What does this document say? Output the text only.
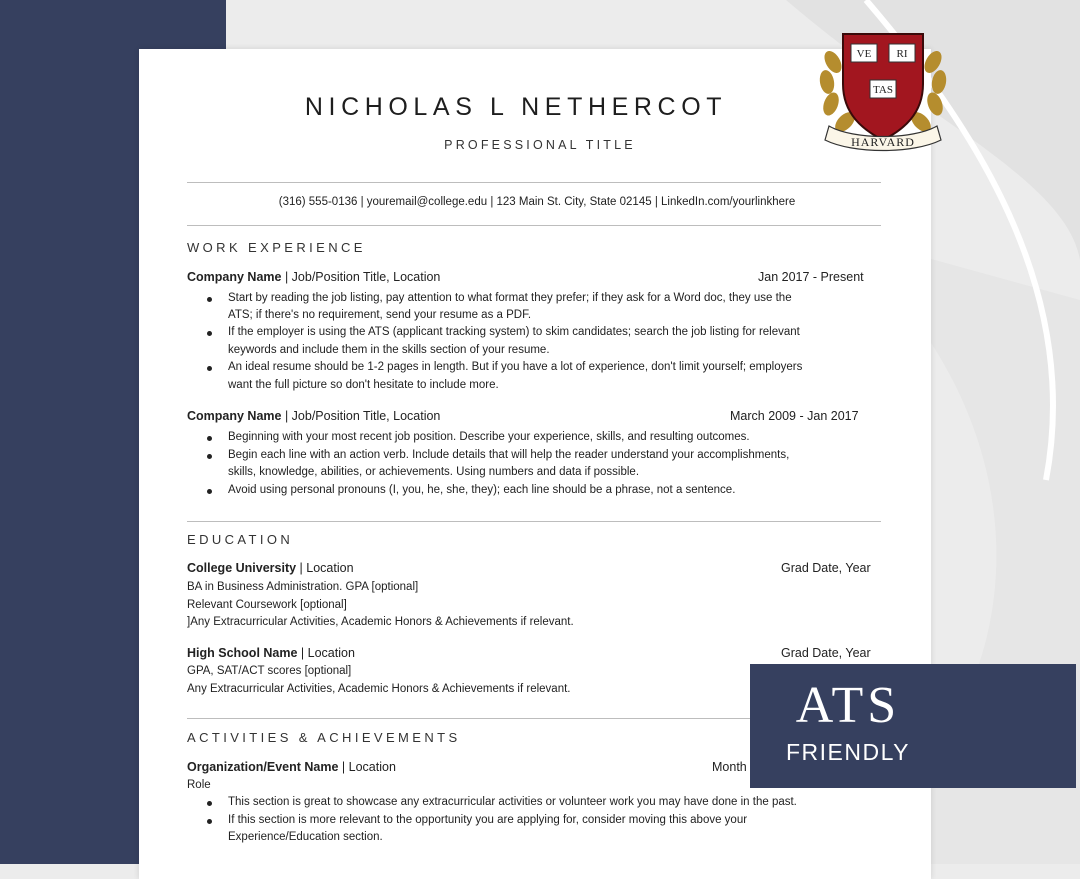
NICHOLAS L NETHERCOT
PROFESSIONAL TITLE
(316) 555-0136 | youremail@college.edu | 123 Main St. City, State 02145 | LinkedIn.com/yourlinkhere
WORK EXPERIENCE
Company Name | Job/Position Title, Location	Jan 2017 - Present
Start by reading the job listing, pay attention to what format they prefer; if they ask for a Word doc, they use the
ATS; if there's no requirement, send your resume as a PDF.
If the employer is using the ATS (applicant tracking system) to skim candidates; search the job listing for relevant
keywords and include them in the skills section of your resume.
An ideal resume should be 1-2 pages in length. But if you have a lot of experience, don't limit yourself; employers
want the full picture so don't hesitate to include more.
Company Name | Job/Position Title, Location	March 2009 - Jan 2017
Beginning with your most recent job position. Describe your experience, skills, and resulting outcomes.
Begin each line with an action verb. Include details that will help the reader understand your accomplishments,
skills, knowledge, abilities, or achievements. Using numbers and data if possible.
Avoid using personal pronouns (I, you, he, she, they); each line should be a phrase, not a sentence.
EDUCATION
College University | Location	Grad Date, Year
BA in Business Administration. GPA [optional]
Relevant Coursework [optional]
]Any Extracurricular Activities, Academic Honors & Achievements if relevant.
High School Name | Location	Grad Date, Year
GPA, SAT/ACT scores [optional]
Any Extracurricular Activities, Academic Honors & Achievements if relevant.
ACTIVITIES & ACHIEVEMENTS
Organization/Event Name | Location	Month
Role
This section is great to showcase any extracurricular activities or volunteer work you may have done in the past.
If this section is more relevant to the opportunity you are applying for, consider moving this above your
Experience/Education section.
VE RI
TAS
HARVARD
ATS
FRIENDLY
